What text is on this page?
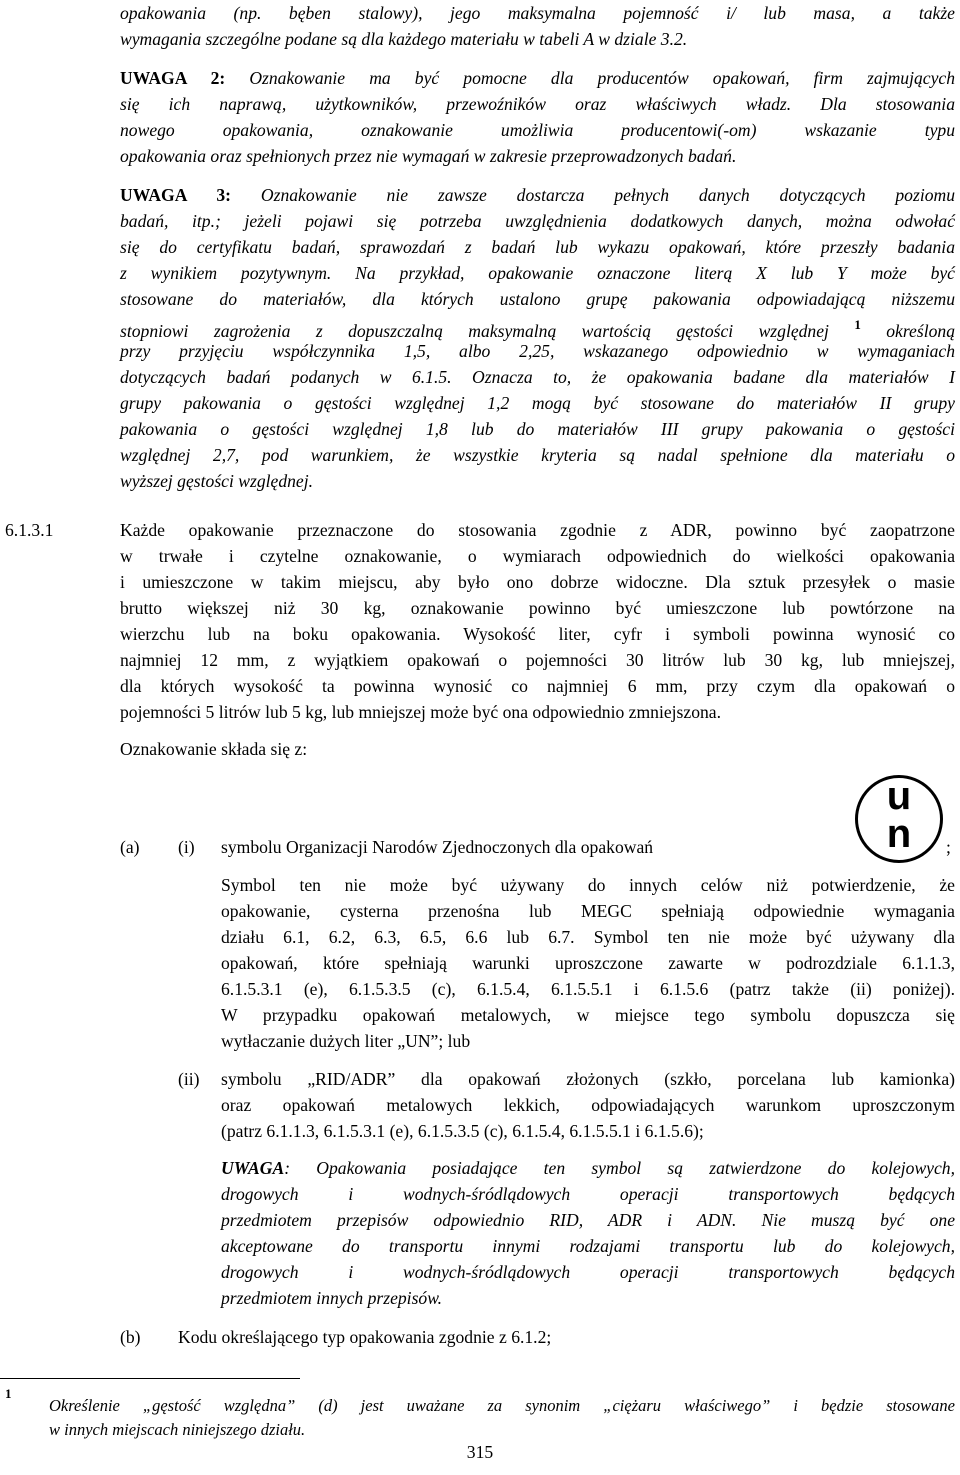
opakowania (np. bęben stalowy), jego maksymalna pojemność i/ lub masa, a także
wymagania szczególne podane są dla każdego materiału w tabeli A w dziale 3.2.
UWAGA 2: Oznakowanie ma być pomocne dla producentów opakowań, firm zajmujących
się ich naprawą, użytkowników, przewoźników oraz właściwych władz. Dla stosowania
nowego opakowania, oznakowanie umożliwia producentowi(-om) wskazanie typu
opakowania oraz spełnionych przez nie wymagań w zakresie przeprowadzonych badań.
UWAGA 3: Oznakowanie nie zawsze dostarcza pełnych danych dotyczących poziomu
badań, itp.; jeżeli pojawi się potrzeba uwzględnienia dodatkowych danych, można odwołać
się do certyfikatu badań, sprawozdań z badań lub wykazu opakowań, które przeszły badania
z wynikiem pozytywnym. Na przykład, opakowanie oznaczone literą X lub Y może być
stosowane do materiałów, dla których ustalono grupę pakowania odpowiadającą niższemu
stopniowi zagrożenia z dopuszczalną maksymalną wartością gęstości względnej $^1$ określoną
przy przyjęciu współczynnika 1,5, albo 2,25, wskazanego odpowiednio w wymaganiach
dotyczących badań podanych w 6.1.5. Oznacza to, że opakowania badane dla materiałów I
grupy pakowania o gęstości względnej 1,2 mogą być stosowane do materiałów II grupy
pakowania o gęstości względnej 1,8 lub do materiałów III grupy pakowania o gęstości
względnej 2,7, pod warunkiem, że wszystkie kryteria są nadal spełnione dla materiału o
wyższej gęstości względnej.
6.1.3.1	Każde opakowanie przeznaczone do stosowania zgodnie z ADR, powinno być zaopatrzone
w trwałe i czytelne oznakowanie, o wymiarach odpowiednich do wielkości opakowania
i umieszczone w takim miejscu, aby było ono dobrze widoczne. Dla sztuk przesyłek o masie
brutto większej niż 30 kg, oznakowanie powinno być umieszczone lub powtórzone na
wierzchu lub na boku opakowania. Wysokość liter, cyfr i symboli powinna wynosić co
najmniej 12 mm, z wyjątkiem opakowań o pojemności 30 litrów lub 30 kg, lub mniejszej,
dla których wysokość ta powinna wynosić co najmniej 6 mm, przy czym dla opakowań o
pojemności 5 litrów lub 5 kg, lub mniejszej może być ona odpowiednio zmniejszona.
Oznakowanie składa się z:
(a) (i) symbolu Organizacji Narodów Zjednoczonych dla opakowań
u
n	;
Symbol ten nie może być używany do innych celów niż potwierdzenie, że
opakowanie, cysterna przenośna lub MEGC spełniają odpowiednie wymagania
działu 6.1, 6.2, 6.3, 6.5, 6.6 lub 6.7. Symbol ten nie może być używany dla
opakowań, które spełniają warunki uproszczone zawarte w podrozdziale 6.1.1.3,
6.1.5.3.1 (e), 6.1.5.3.5 (c), 6.1.5.4, 6.1.5.5.1 i 6.1.5.6 (patrz także (ii) poniżej).
W przypadku opakowań metalowych, w miejsce tego symbolu dopuszcza się
wytłaczanie dużych liter „UN”; lub
(ii) symbolu „RID/ADR” dla opakowań złożonych (szkło, porcelana lub kamionka)
oraz opakowań metalowych lekkich, odpowiadających warunkom uproszczonym
(patrz 6.1.1.3, 6.1.5.3.1 (e), 6.1.5.3.5 (c), 6.1.5.4, 6.1.5.5.1 i 6.1.5.6);
UWAGA: Opakowania posiadające ten symbol są zatwierdzone do kolejowych,
drogowych i wodnych-śródlądowych operacji transportowych będących
przedmiotem przepisów odpowiednio RID, ADR i ADN. Nie muszą być one
akceptowane do transportu innymi rodzajami transportu lub do kolejowych,
drogowych i wodnych-śródlądowych operacji transportowych będących
przedmiotem innych przepisów.
(b) Kodu określającego typ opakowania zgodnie z 6.1.2;
1
Określenie „gęstość względna” (d) jest uważane za synonim „ciężaru właściwego” i będzie stosowane
w innych miejscach niniejszego działu.
315
